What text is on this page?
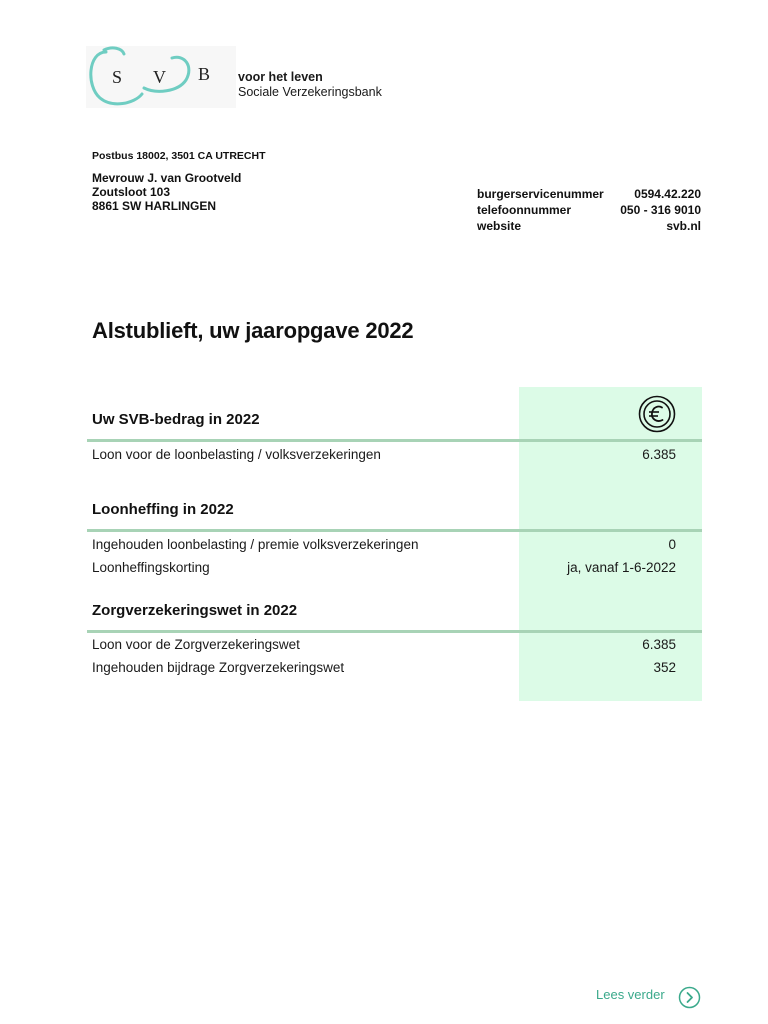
S V B voor het leven
Sociale Verzekeringsbank
Postbus 18002, 3501 CA UTRECHT
Mevrouw J. van Grootveld
Zoutsloot 103
8861 SW HARLINGEN
burgerservicenummer	0594.42.220
telefoonnummer	050 - 316 9010
website	svb.nl
Alstublieft, uw jaaropgave 2022
Uw SVB-bedrag in 2022
Loon voor de loonbelasting / volksverzekeringen	6.385
Loonheffing in 2022
Ingehouden loonbelasting / premie volksverzekeringen	0
Loonheffingskorting	ja, vanaf 1-6-2022
Zorgverzekeringswet in 2022
Loon voor de Zorgverzekeringswet	6.385
Ingehouden bijdrage Zorgverzekeringswet	352
Lees verder
